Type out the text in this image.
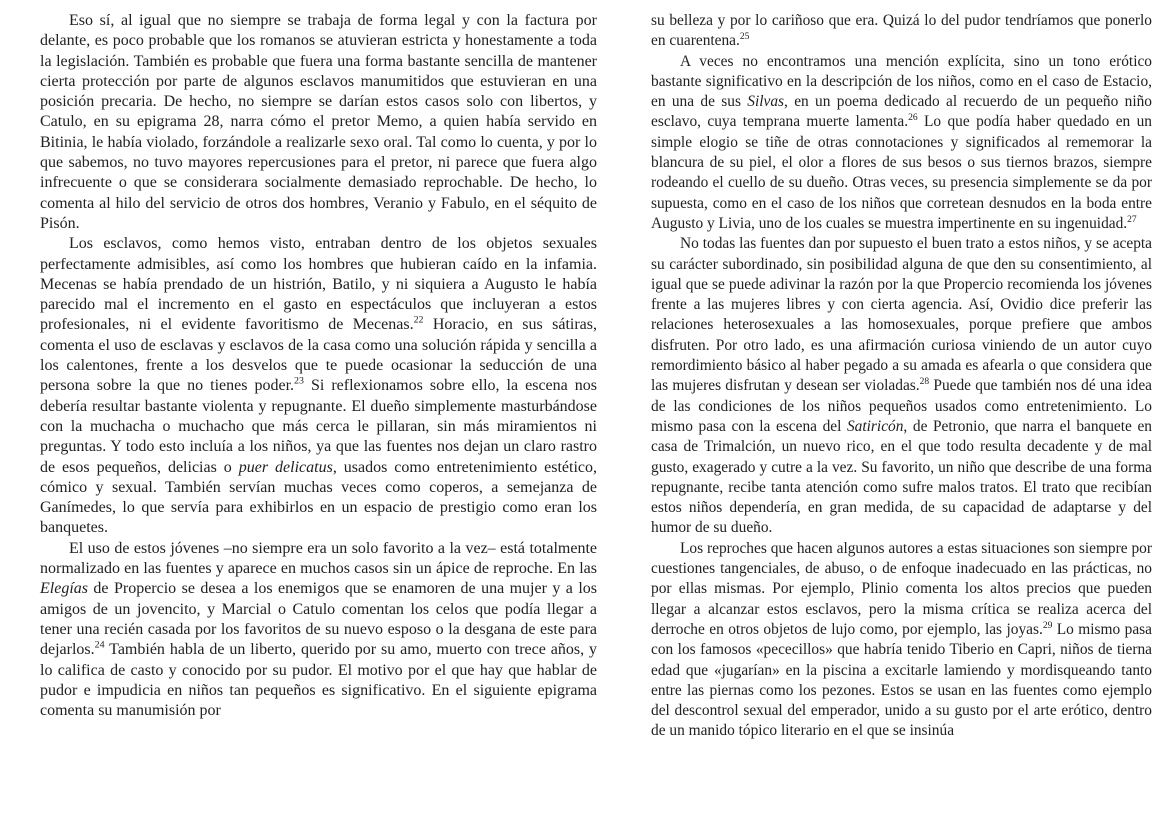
Eso sí, al igual que no siempre se trabaja de forma legal y con la factura por delante, es poco probable que los romanos se atuvieran estricta y honestamente a toda la legislación. También es probable que fuera una forma bastante sencilla de mantener cierta protección por parte de algunos esclavos manumitidos que estuvieran en una posición precaria. De hecho, no siempre se darían estos casos solo con libertos, y Catulo, en su epigrama 28, narra cómo el pretor Memo, a quien había servido en Bitinia, le había violado, forzándole a realizarle sexo oral. Tal como lo cuenta, y por lo que sabemos, no tuvo mayores repercusiones para el pretor, ni parece que fuera algo infrecuente o que se considerara socialmente demasiado reprochable. De hecho, lo comenta al hilo del servicio de otros dos hombres, Veranio y Fabulo, en el séquito de Pisón.

Los esclavos, como hemos visto, entraban dentro de los objetos sexuales perfectamente admisibles, así como los hombres que hubieran caído en la infamia. Mecenas se había prendado de un histrión, Batilo, y ni siquiera a Augusto le había parecido mal el incremento en el gasto en espectáculos que incluyeran a estos profesionales, ni el evidente favoritismo de Mecenas.$^{22}$ Horacio, en sus sátiras, comenta el uso de esclavas y esclavos de la casa como una solución rápida y sencilla a los calentones, frente a los desvelos que te puede ocasionar la seducción de una persona sobre la que no tienes poder.$^{23}$ Si reflexionamos sobre ello, la escena nos debería resultar bastante violenta y repugnante. El dueño simplemente masturbándose con la muchacha o muchacho que más cerca le pillaran, sin más miramientos ni preguntas. Y todo esto incluía a los niños, ya que las fuentes nos dejan un claro rastro de esos pequeños, delicias o puer delicatus, usados como entretenimiento estético, cómico y sexual. También servían muchas veces como coperos, a semejanza de Ganímedes, lo que servía para exhibirlos en un espacio de prestigio como eran los banquetes.

El uso de estos jóvenes –no siempre era un solo favorito a la vez– está totalmente normalizado en las fuentes y aparece en muchos casos sin un ápice de reproche. En las Elegías de Propercio se desea a los enemigos que se enamoren de una mujer y a los amigos de un jovencito, y Marcial o Catulo comentan los celos que podía llegar a tener una recién casada por los favoritos de su nuevo esposo o la desgana de este para dejarlos.$^{24}$ También habla de un liberto, querido por su amo, muerto con trece años, y lo califica de casto y conocido por su pudor. El motivo por el que hay que hablar de pudor e impudicia en niños tan pequeños es significativo. En el siguiente epigrama comenta su manumisión por

su belleza y por lo cariñoso que era. Quizá lo del pudor tendríamos que ponerlo en cuarentena.$^{25}$

A veces no encontramos una mención explícita, sino un tono erótico bastante significativo en la descripción de los niños, como en el caso de Estacio, en una de sus Silvas, en un poema dedicado al recuerdo de un pequeño niño esclavo, cuya temprana muerte lamenta.$^{26}$ Lo que podía haber quedado en un simple elogio se tiñe de otras connotaciones y significados al rememorar la blancura de su piel, el olor a flores de sus besos o sus tiernos brazos, siempre rodeando el cuello de su dueño. Otras veces, su presencia simplemente se da por supuesta, como en el caso de los niños que corretean desnudos en la boda entre Augusto y Livia, uno de los cuales se muestra impertinente en su ingenuidad.$^{27}$

No todas las fuentes dan por supuesto el buen trato a estos niños, y se acepta su carácter subordinado, sin posibilidad alguna de que den su consentimiento, al igual que se puede adivinar la razón por la que Propercio recomienda los jóvenes frente a las mujeres libres y con cierta agencia. Así, Ovidio dice preferir las relaciones heterosexuales a las homosexuales, porque prefiere que ambos disfruten. Por otro lado, es una afirmación curiosa viniendo de un autor cuyo remordimiento básico al haber pegado a su amada es afearla o que considera que las mujeres disfrutan y desean ser violadas.$^{28}$ Puede que también nos dé una idea de las condiciones de los niños pequeños usados como entretenimiento. Lo mismo pasa con la escena del Satiricón, de Petronio, que narra el banquete en casa de Trimalción, un nuevo rico, en el que todo resulta decadente y de mal gusto, exagerado y cutre a la vez. Su favorito, un niño que describe de una forma repugnante, recibe tanta atención como sufre malos tratos. El trato que recibían estos niños dependería, en gran medida, de su capacidad de adaptarse y del humor de su dueño.

Los reproches que hacen algunos autores a estas situaciones son siempre por cuestiones tangenciales, de abuso, o de enfoque inadecuado en las prácticas, no por ellas mismas. Por ejemplo, Plinio comenta los altos precios que pueden llegar a alcanzar estos esclavos, pero la misma crítica se realiza acerca del derroche en otros objetos de lujo como, por ejemplo, las joyas.$^{29}$ Lo mismo pasa con los famosos «pececillos» que habría tenido Tiberio en Capri, niños de tierna edad que «jugarían» en la piscina a excitarle lamiendo y mordisqueando tanto entre las piernas como los pezones. Estos se usan en las fuentes como ejemplo del descontrol sexual del emperador, unido a su gusto por el arte erótico, dentro de un manido tópico literario en el que se insinúa
